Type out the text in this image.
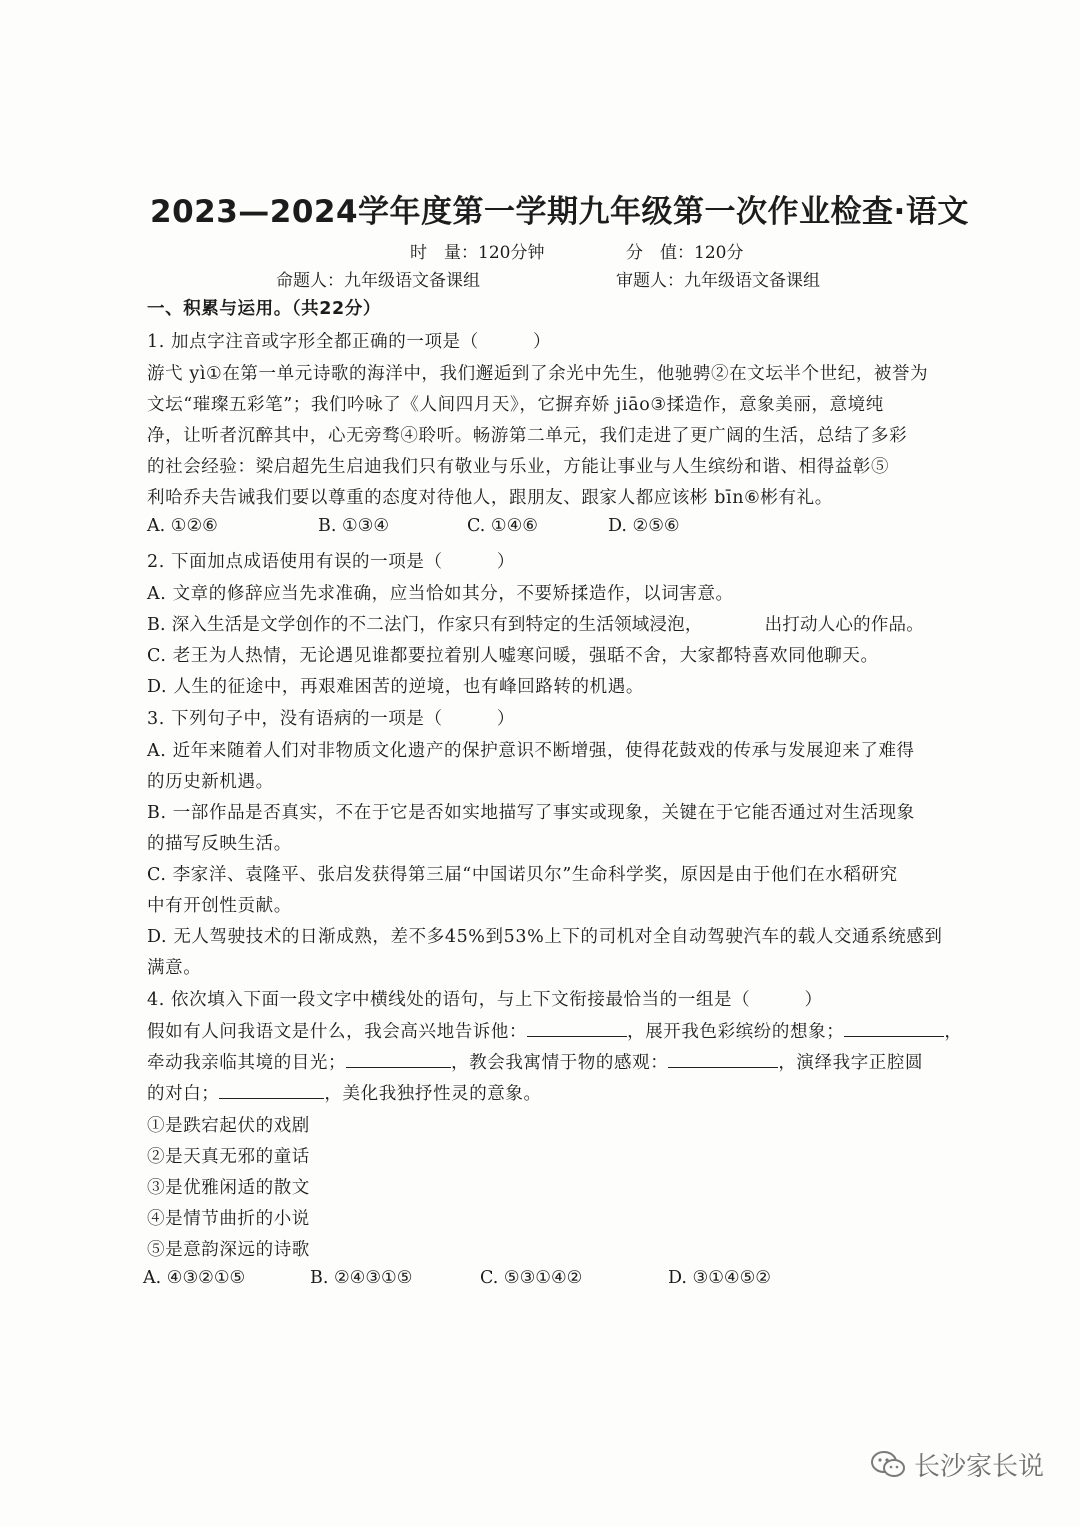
2023—2024学年度第一学期九年级第一次作业检查·语文
时　量：120分钟	分　值：120分
命题人：九年级语文备课组	审题人：九年级语文备课组
一、积累与运用。（共22分）
1. 加点字注音或字形全都正确的一项是（　　　）
游弋 yì①在第一单元诗歌的海洋中，我们邂逅到了余光中先生，他驰骋②在文坛半个世纪，被誉为
文坛“璀璨五彩笔”；我们吟咏了《人间四月天》，它摒弃娇 jiāo③揉造作，意象美丽，意境纯
净，让听者沉醉其中，心无旁骛④聆听。畅游第二单元，我们走进了更广阔的生活，总结了多彩
的社会经验：梁启超先生启迪我们只有敬业与乐业，方能让事业与人生缤纷和谐、相得益彰⑤
利哈乔夫告诫我们要以尊重的态度对待他人，跟朋友、跟家人都应该彬 bīn⑥彬有礼。
A. ①②⑥	B. ①③④	C. ①④⑥	D. ②⑤⑥
2. 下面加点成语使用有误的一项是（　　　）
A. 文章的修辞应当先求准确，应当恰如其分，不要矫揉造作，以词害意。
B. 深入生活是文学创作的不二法门，作家只有到特定的生活领域浸泡，　　　　出打动人心的作品。
C. 老王为人热情，无论遇见谁都要拉着别人嘘寒问暖，强聒不舍，大家都特喜欢同他聊天。
D. 人生的征途中，再艰难困苦的逆境，也有峰回路转的机遇。
3. 下列句子中，没有语病的一项是（　　　）
A. 近年来随着人们对非物质文化遗产的保护意识不断增强，使得花鼓戏的传承与发展迎来了难得
的历史新机遇。
B. 一部作品是否真实，不在于它是否如实地描写了事实或现象，关键在于它能否通过对生活现象
的描写反映生活。
C. 李家洋、袁隆平、张启发获得第三届“中国诺贝尔”生命科学奖，原因是由于他们在水稻研究
中有开创性贡献。
D. 无人驾驶技术的日渐成熟，差不多45%到53%上下的司机对全自动驾驶汽车的载人交通系统感到
满意。
4. 依次填入下面一段文字中横线处的语句，与上下文衔接最恰当的一组是（　　　）
假如有人问我语文是什么，我会高兴地告诉他：	，展开我色彩缤纷的想象；	，
牵动我亲临其境的目光；	，教会我寓情于物的感观：	，演绎我字正腔圆
的对白；	，美化我独抒性灵的意象。
①是跌宕起伏的戏剧
②是天真无邪的童话
③是优雅闲适的散文
④是情节曲折的小说
⑤是意韵深远的诗歌
A. ④③②①⑤	B. ②④③①⑤	C. ⑤③①④②	D. ③①④⑤②
长沙家长说
